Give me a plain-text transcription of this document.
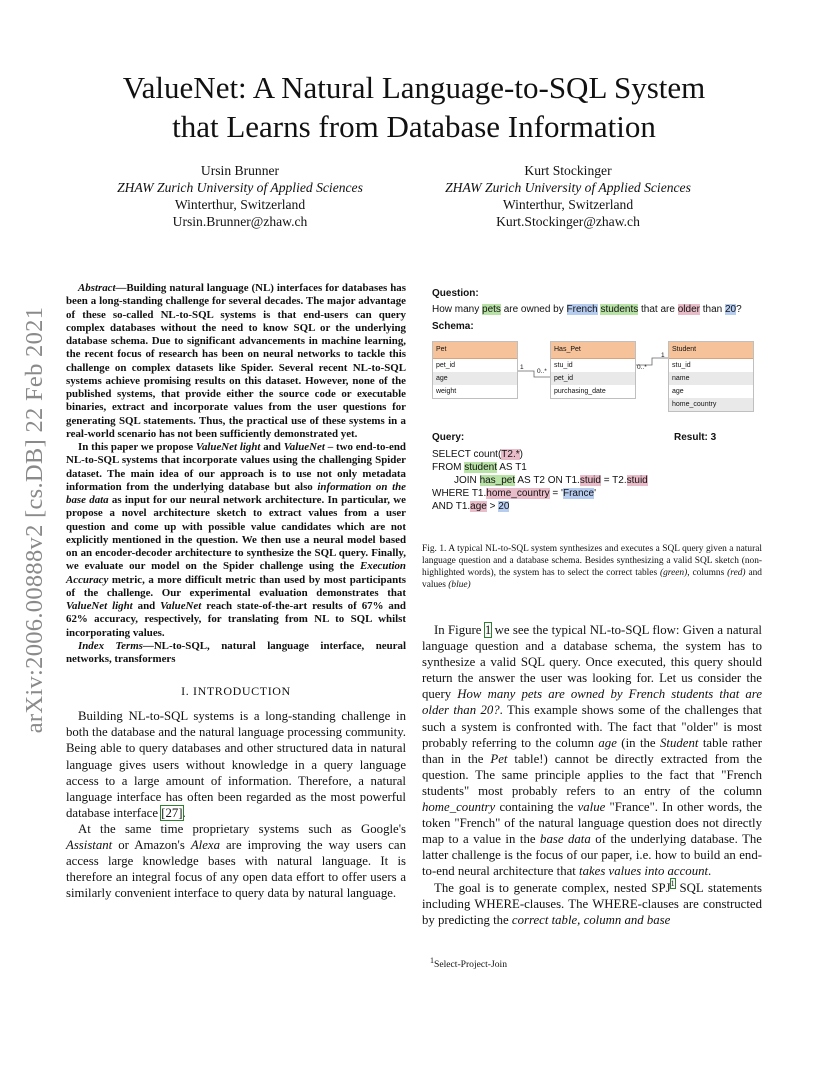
arXiv:2006.00888v2 [cs.DB] 22 Feb 2021
ValueNet: A Natural Language-to-SQL System
that Learns from Database Information
Ursin Brunner
ZHAW Zurich University of Applied Sciences
Winterthur, Switzerland
Ursin.Brunner@zhaw.ch
Kurt Stockinger
ZHAW Zurich University of Applied Sciences
Winterthur, Switzerland
Kurt.Stockinger@zhaw.ch

Abstract—Building natural language (NL) interfaces for databases has been a long-standing challenge for several decades. The major advantage of these so-called NL-to-SQL systems is that end-users can query complex databases without the need to know SQL or the underlying database schema. Due to significant advancements in machine learning, the recent focus of research has been on neural networks to tackle this challenge on complex datasets like Spider. Several recent NL-to-SQL systems achieve promising results on this dataset. However, none of the published systems, that provide either the source code or executable binaries, extract and incorporate values from the user questions for generating SQL statements. Thus, the practical use of these systems in a real-world scenario has not been sufficiently demonstrated yet.

In this paper we propose ValueNet light and ValueNet – two end-to-end NL-to-SQL systems that incorporate values using the challenging Spider dataset. The main idea of our approach is to use not only metadata information from the underlying database but also information on the base data as input for our neural network architecture. In particular, we propose a novel architecture sketch to extract values from a user question and come up with possible value candidates which are not explicitly mentioned in the question. We then use a neural model based on an encoder-decoder architecture to synthesize the SQL query. Finally, we evaluate our model on the Spider challenge using the Execution Accuracy metric, a more difficult metric than used by most participants of the challenge. Our experimental evaluation demonstrates that ValueNet light and ValueNet reach state-of-the-art results of 67% and 62% accuracy, respectively, for translating from NL to SQL whilst incorporating values.

Index Terms—NL-to-SQL, natural language interface, neural networks, transformers

I. INTRODUCTION

Building NL-to-SQL systems is a long-standing challenge in both the database and the natural language processing community. Being able to query databases and other structured data in natural language gives users without knowledge in a query language access to a large amount of information. Therefore, a natural language interface has often been regarded as the most powerful database interface [27].

At the same time proprietary systems such as Google's Assistant or Amazon's Alexa are improving the way users can access large knowledge bases with natural language. It is therefore an integral focus of any open data effort to offer users a similarly convenient interface to query data by natural language.

Question:
How many pets are owned by French students that are older than 20?
Schema:
Pet
pet_id
age
weight
Has_Pet
stu_id
pet_id
purchasing_date
Student
stu_id
name
age
home_country
1
0..*
1
0..*
Query:	Result: 3
SELECT count(T2.*)
FROM student AS T1
JOIN has_pet AS T2 ON T1.stuid = T2.stuid
WHERE T1.home_country = 'France'
AND T1.age > 20

Fig. 1. A typical NL-to-SQL system synthesizes and executes a SQL query given a natural language question and a database schema. Besides synthesizing a valid SQL sketch (non-highlighted words), the system has to select the correct tables (green), columns (red) and values (blue)

In Figure 1 we see the typical NL-to-SQL flow: Given a natural language question and a database schema, the system has to synthesize a valid SQL query. Once executed, this query should return the answer the user was looking for. Let us consider the query How many pets are owned by French students that are older than 20?. This example shows some of the challenges that such a system is confronted with. The fact that "older" is most probably referring to the column age (in the Student table rather than in the Pet table!) cannot be directly extracted from the question. The same principle applies to the fact that "French students" most probably refers to an entry of the column home_country containing the value "France". In other words, the token "French" of the natural language question does not directly map to a value in the base data of the underlying database. The latter challenge is the focus of our paper, i.e. how to build an end-to-end neural architecture that takes values into account.

The goal is to generate complex, nested SPJ$^1$ SQL statements including WHERE-clauses. The WHERE-clauses are constructed by predicting the correct table, column and base

$^1$Select-Project-Join
